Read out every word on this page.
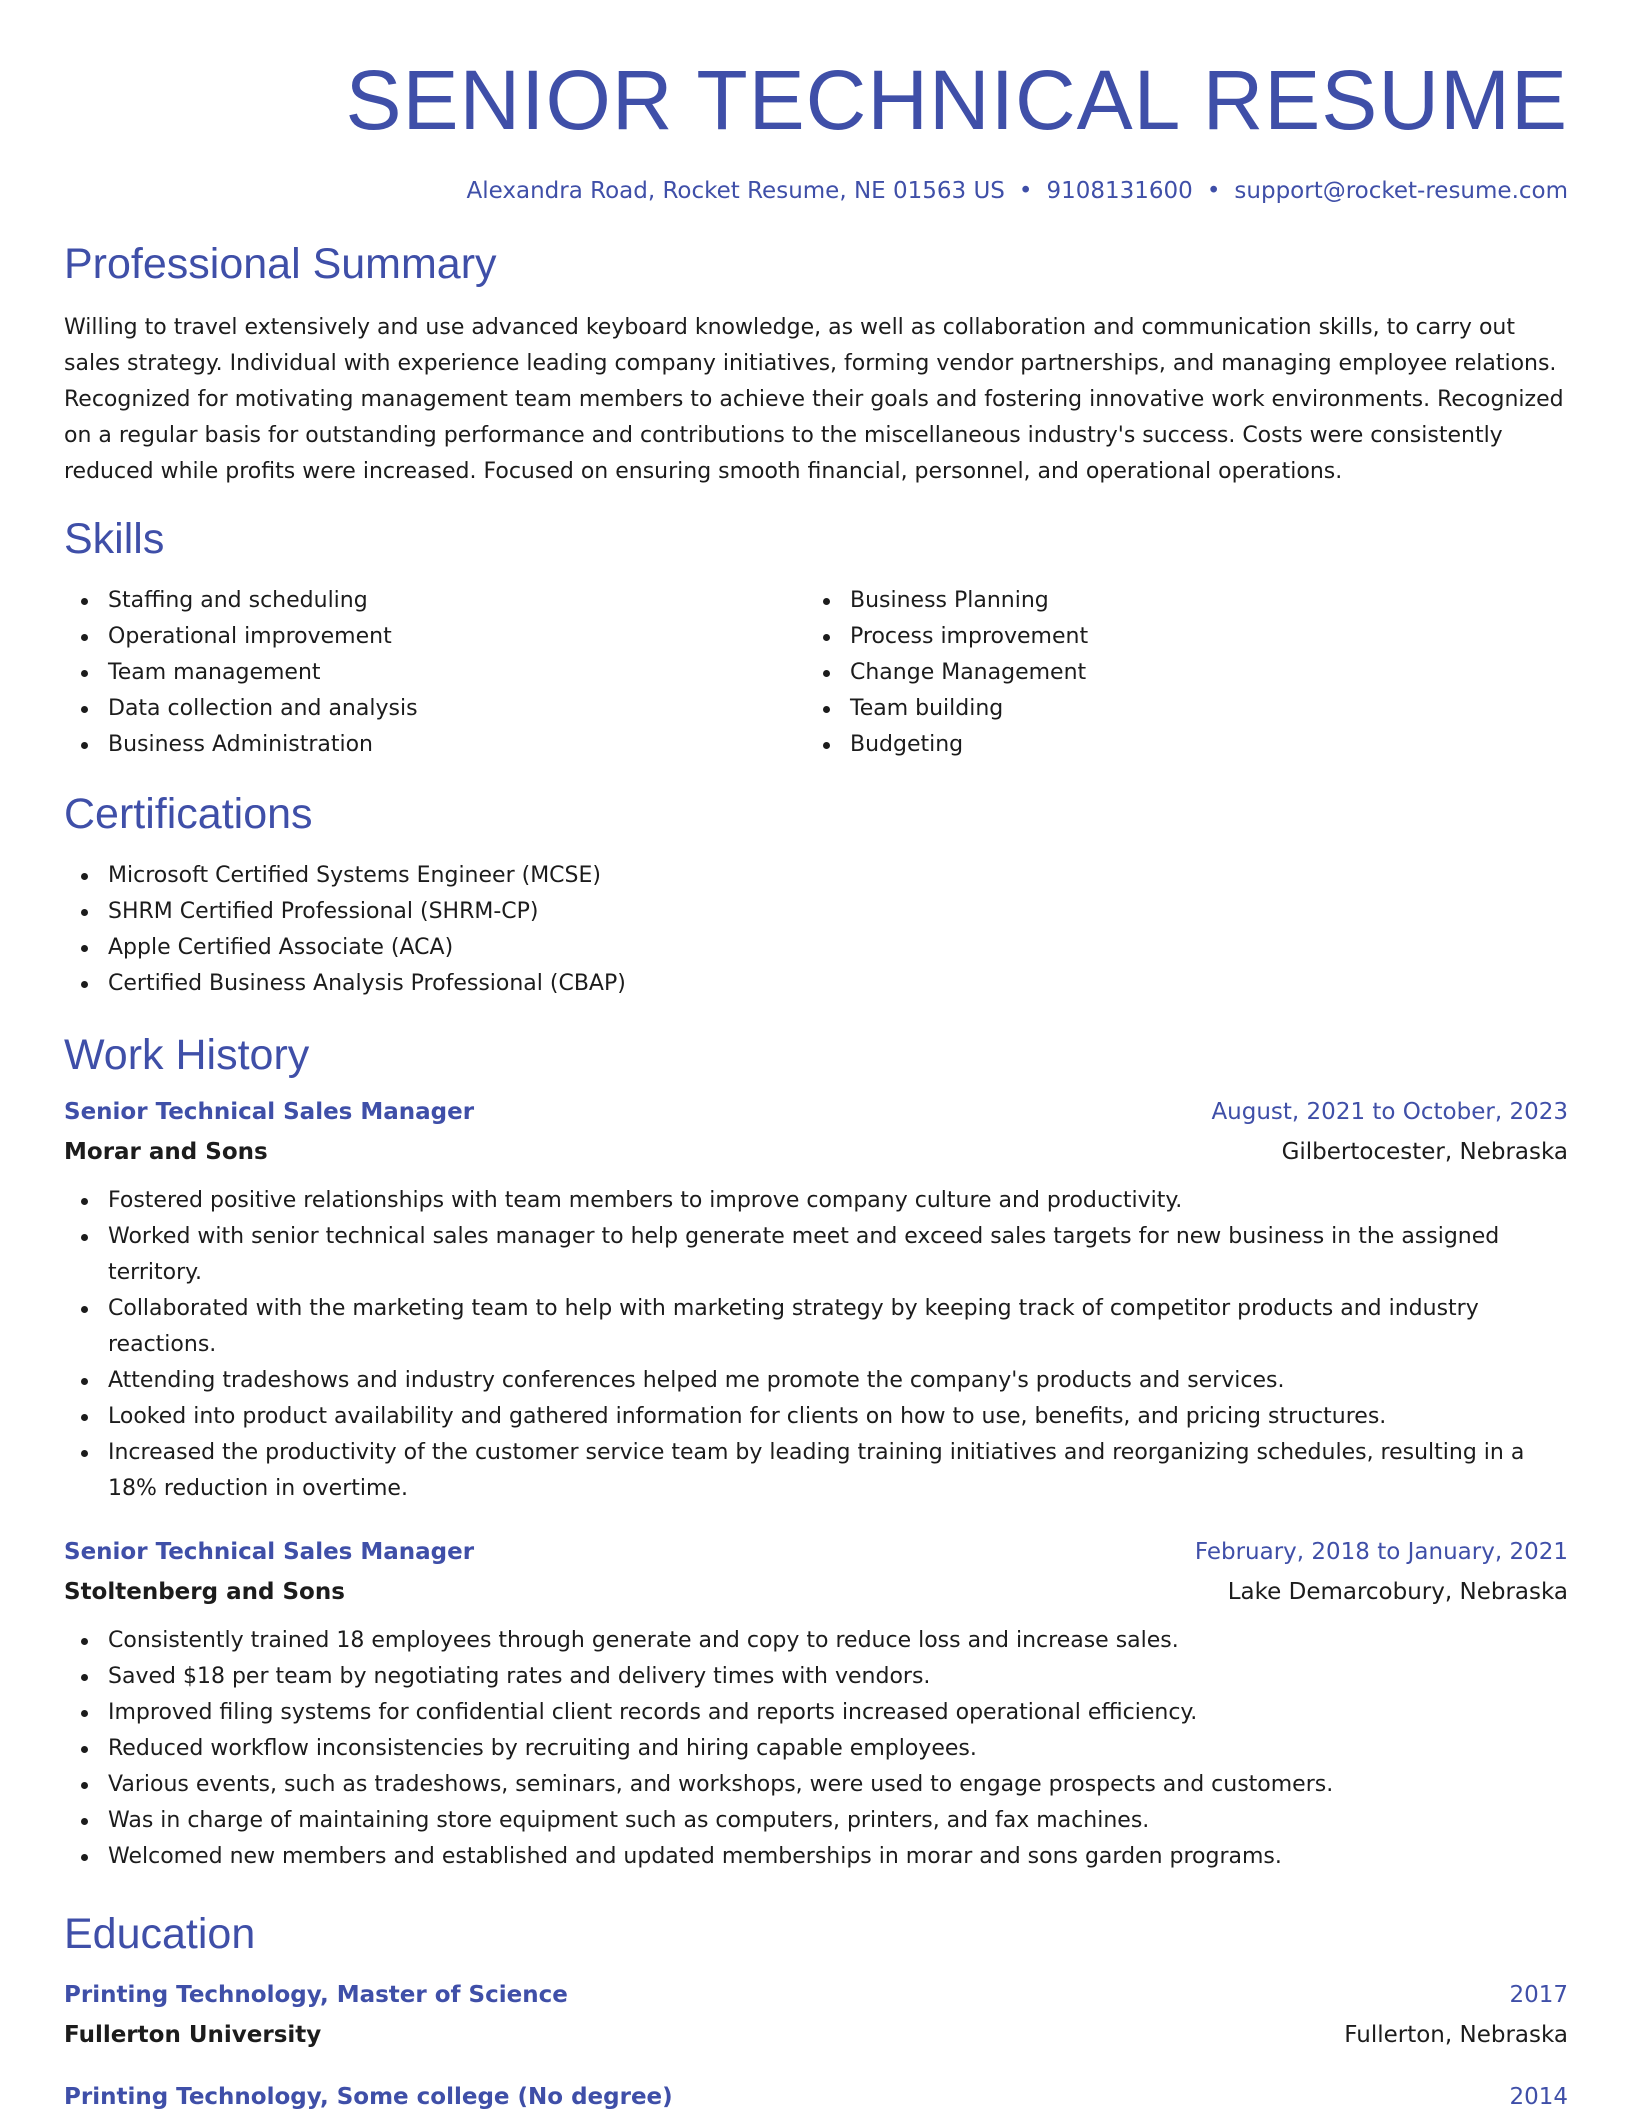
SENIOR TECHNICAL RESUME
Alexandra Road, Rocket Resume, NE 01563 US • 9108131600 • support@rocket-resume.com
Professional Summary

Willing to travel extensively and use advanced keyboard knowledge, as well as collaboration and communication skills, to carry out sales strategy. Individual with experience leading company initiatives, forming vendor partnerships, and managing employee relations. Recognized for motivating management team members to achieve their goals and fostering innovative work environments. Recognized on a regular basis for outstanding performance and contributions to the miscellaneous industry's success. Costs were consistently reduced while profits were increased. Focused on ensuring smooth financial, personnel, and operational operations.

Skills
Staffing and scheduling
Operational improvement
Team management
Data collection and analysis
Business Administration
Business Planning
Process improvement
Change Management
Team building
Budgeting
Certifications
Microsoft Certified Systems Engineer (MCSE)
SHRM Certified Professional (SHRM-CP)
Apple Certified Associate (ACA)
Certified Business Analysis Professional (CBAP)
Work History
Senior Technical Sales Manager	August, 2021 to October, 2023
Morar and Sons	Gilbertocester, Nebraska
Fostered positive relationships with team members to improve company culture and productivity.
Worked with senior technical sales manager to help generate meet and exceed sales targets for new business in the assigned territory.
Collaborated with the marketing team to help with marketing strategy by keeping track of competitor products and industry reactions.
Attending tradeshows and industry conferences helped me promote the company's products and services.
Looked into product availability and gathered information for clients on how to use, benefits, and pricing structures.
Increased the productivity of the customer service team by leading training initiatives and reorganizing schedules, resulting in a 18% reduction in overtime.
Senior Technical Sales Manager	February, 2018 to January, 2021
Stoltenberg and Sons	Lake Demarcobury, Nebraska
Consistently trained 18 employees through generate and copy to reduce loss and increase sales.
Saved $18 per team by negotiating rates and delivery times with vendors.
Improved filing systems for confidential client records and reports increased operational efficiency.
Reduced workflow inconsistencies by recruiting and hiring capable employees.
Various events, such as tradeshows, seminars, and workshops, were used to engage prospects and customers.
Was in charge of maintaining store equipment such as computers, printers, and fax machines.
Welcomed new members and established and updated memberships in morar and sons garden programs.
Education
Printing Technology, Master of Science	2017
Fullerton University	Fullerton, Nebraska
Printing Technology, Some college (No degree)	2014
